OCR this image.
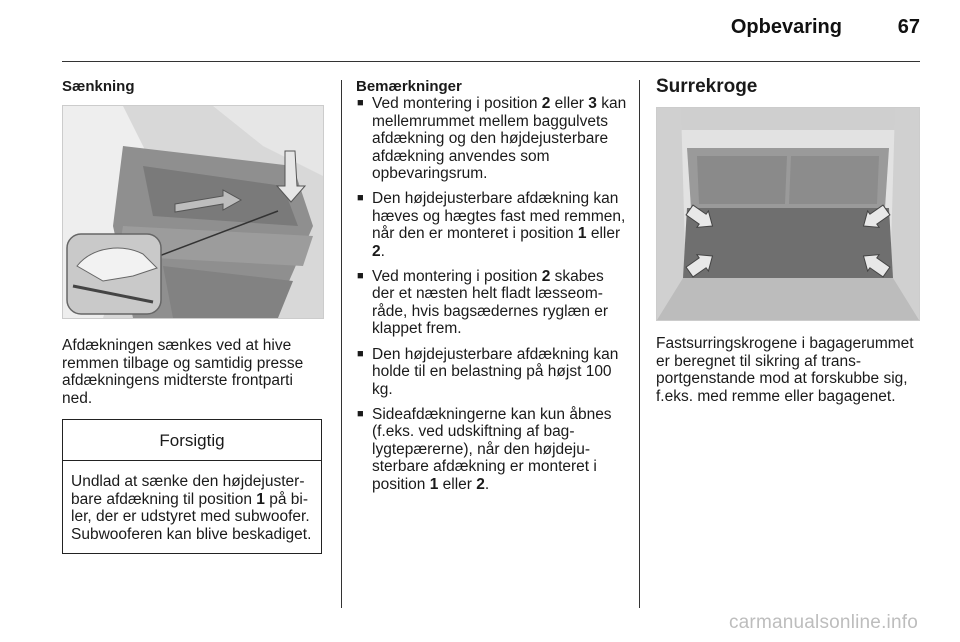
Opbevaring	67
Sænkning

Afdækningen sænkes ved at hive remmen tilbage og samtidig presse afdækningens midterste frontparti ned.

Forsigtig
Undlad at sænke den højdejusterbare afdækning til position 1 på biler, der er udstyret med subwoofer. Subwooferen kan blive beskadiget.
Bemærkninger
■ Ved montering i position 2 eller 3 kan mellemrummet mellem baggulvets afdækning og den højdejusterbare afdækning anvendes som opbevaringsrum.
■ Den højdejusterbare afdækning kan hæves og hægtes fast med remmen, når den er monteret i position 1 eller 2.
■ Ved montering i position 2 skabes der et næsten helt fladt læsseområde, hvis bagsædernes ryglæn er klappet frem.
■ Den højdejusterbare afdækning kan holde til en belastning på højst 100 kg.
■ Sideafdækningerne kan kun åbnes (f.eks. ved udskiftning af baglygtepærerne), når den højdejusterbare afdækning er monteret i position 1 eller 2.
Surrekroge

Fastsurringskrogene i bagagerummet er beregnet til sikring af transportgenstande mod at forskubbe sig, f.eks. med remme eller bagagenet.

carmanualsonline.info
